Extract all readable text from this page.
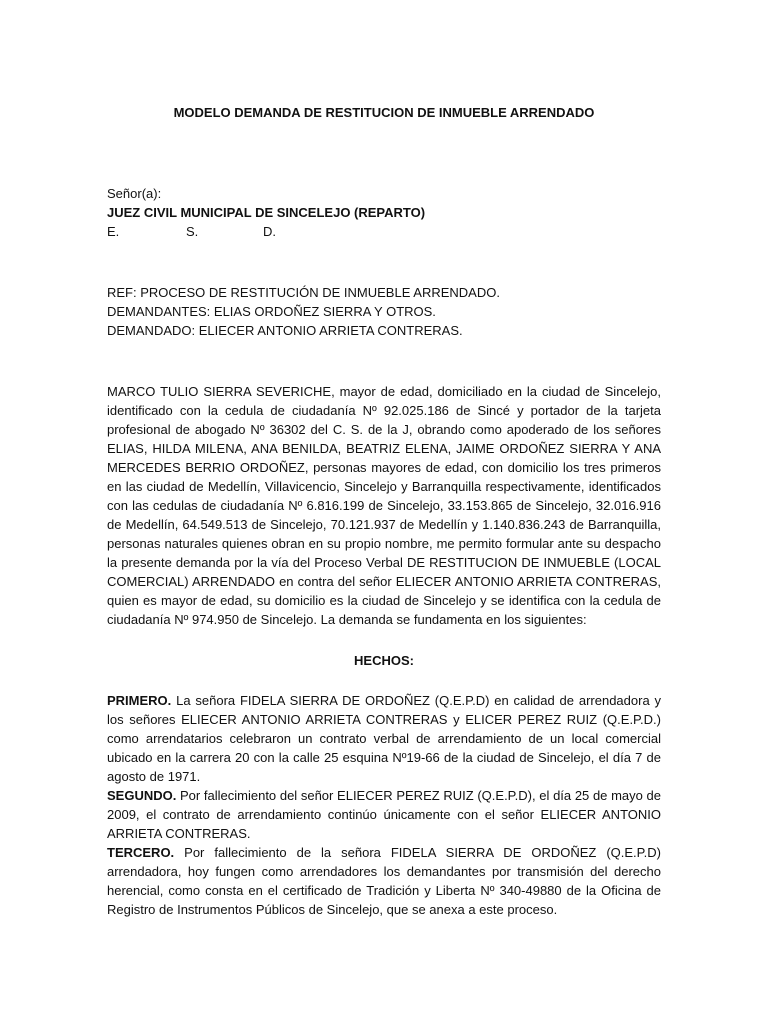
MODELO DEMANDA DE RESTITUCION DE INMUEBLE ARRENDADO
Señor(a):
JUEZ CIVIL MUNICIPAL DE SINCELEJO (REPARTO)
E.	S.	D.
REF: PROCESO DE RESTITUCIÓN DE INMUEBLE ARRENDADO.
DEMANDANTES: ELIAS ORDOÑEZ SIERRA Y OTROS.
DEMANDADO: ELIECER ANTONIO ARRIETA CONTRERAS.

MARCO TULIO SIERRA SEVERICHE, mayor de edad, domiciliado en la ciudad de Sincelejo, identificado con la cedula de ciudadanía Nº 92.025.186 de Sincé y portador de la tarjeta profesional de abogado Nº 36302 del C. S. de la J, obrando como apoderado de los señores ELIAS, HILDA MILENA, ANA BENILDA, BEATRIZ ELENA, JAIME ORDOÑEZ SIERRA Y ANA MERCEDES BERRIO ORDOÑEZ, personas mayores de edad, con domicilio los tres primeros en las ciudad de Medellín, Villavicencio, Sincelejo y Barranquilla respectivamente, identificados con las cedulas de ciudadanía Nº 6.816.199 de Sincelejo, 33.153.865 de Sincelejo, 32.016.916 de Medellín, 64.549.513 de Sincelejo, 70.121.937 de Medellín y 1.140.836.243 de Barranquilla, personas naturales quienes obran en su propio nombre, me permito formular ante su despacho la presente demanda por la vía del Proceso Verbal DE RESTITUCION DE INMUEBLE (LOCAL COMERCIAL) ARRENDADO en contra del señor ELIECER ANTONIO ARRIETA CONTRERAS, quien es mayor de edad, su domicilio es la ciudad de Sincelejo y se identifica con la cedula de ciudadanía Nº 974.950 de Sincelejo. La demanda se fundamenta en los siguientes:

HECHOS:

PRIMERO. La señora FIDELA SIERRA DE ORDOÑEZ (Q.E.P.D) en calidad de arrendadora y los señores ELIECER ANTONIO ARRIETA CONTRERAS y ELICER PEREZ RUIZ (Q.E.P.D.) como arrendatarios celebraron un contrato verbal de arrendamiento de un local comercial ubicado en la carrera 20 con la calle 25 esquina Nº19-66 de la ciudad de Sincelejo, el día 7 de agosto de 1971.

SEGUNDO. Por fallecimiento del señor ELIECER PEREZ RUIZ (Q.E.P.D), el día 25 de mayo de 2009, el contrato de arrendamiento continúo únicamente con el señor ELIECER ANTONIO ARRIETA CONTRERAS.

TERCERO. Por fallecimiento de la señora FIDELA SIERRA DE ORDOÑEZ (Q.E.P.D) arrendadora, hoy fungen como arrendadores los demandantes por transmisión del derecho herencial, como consta en el certificado de Tradición y Liberta Nº 340-49880 de la Oficina de Registro de Instrumentos Públicos de Sincelejo, que se anexa a este proceso.
